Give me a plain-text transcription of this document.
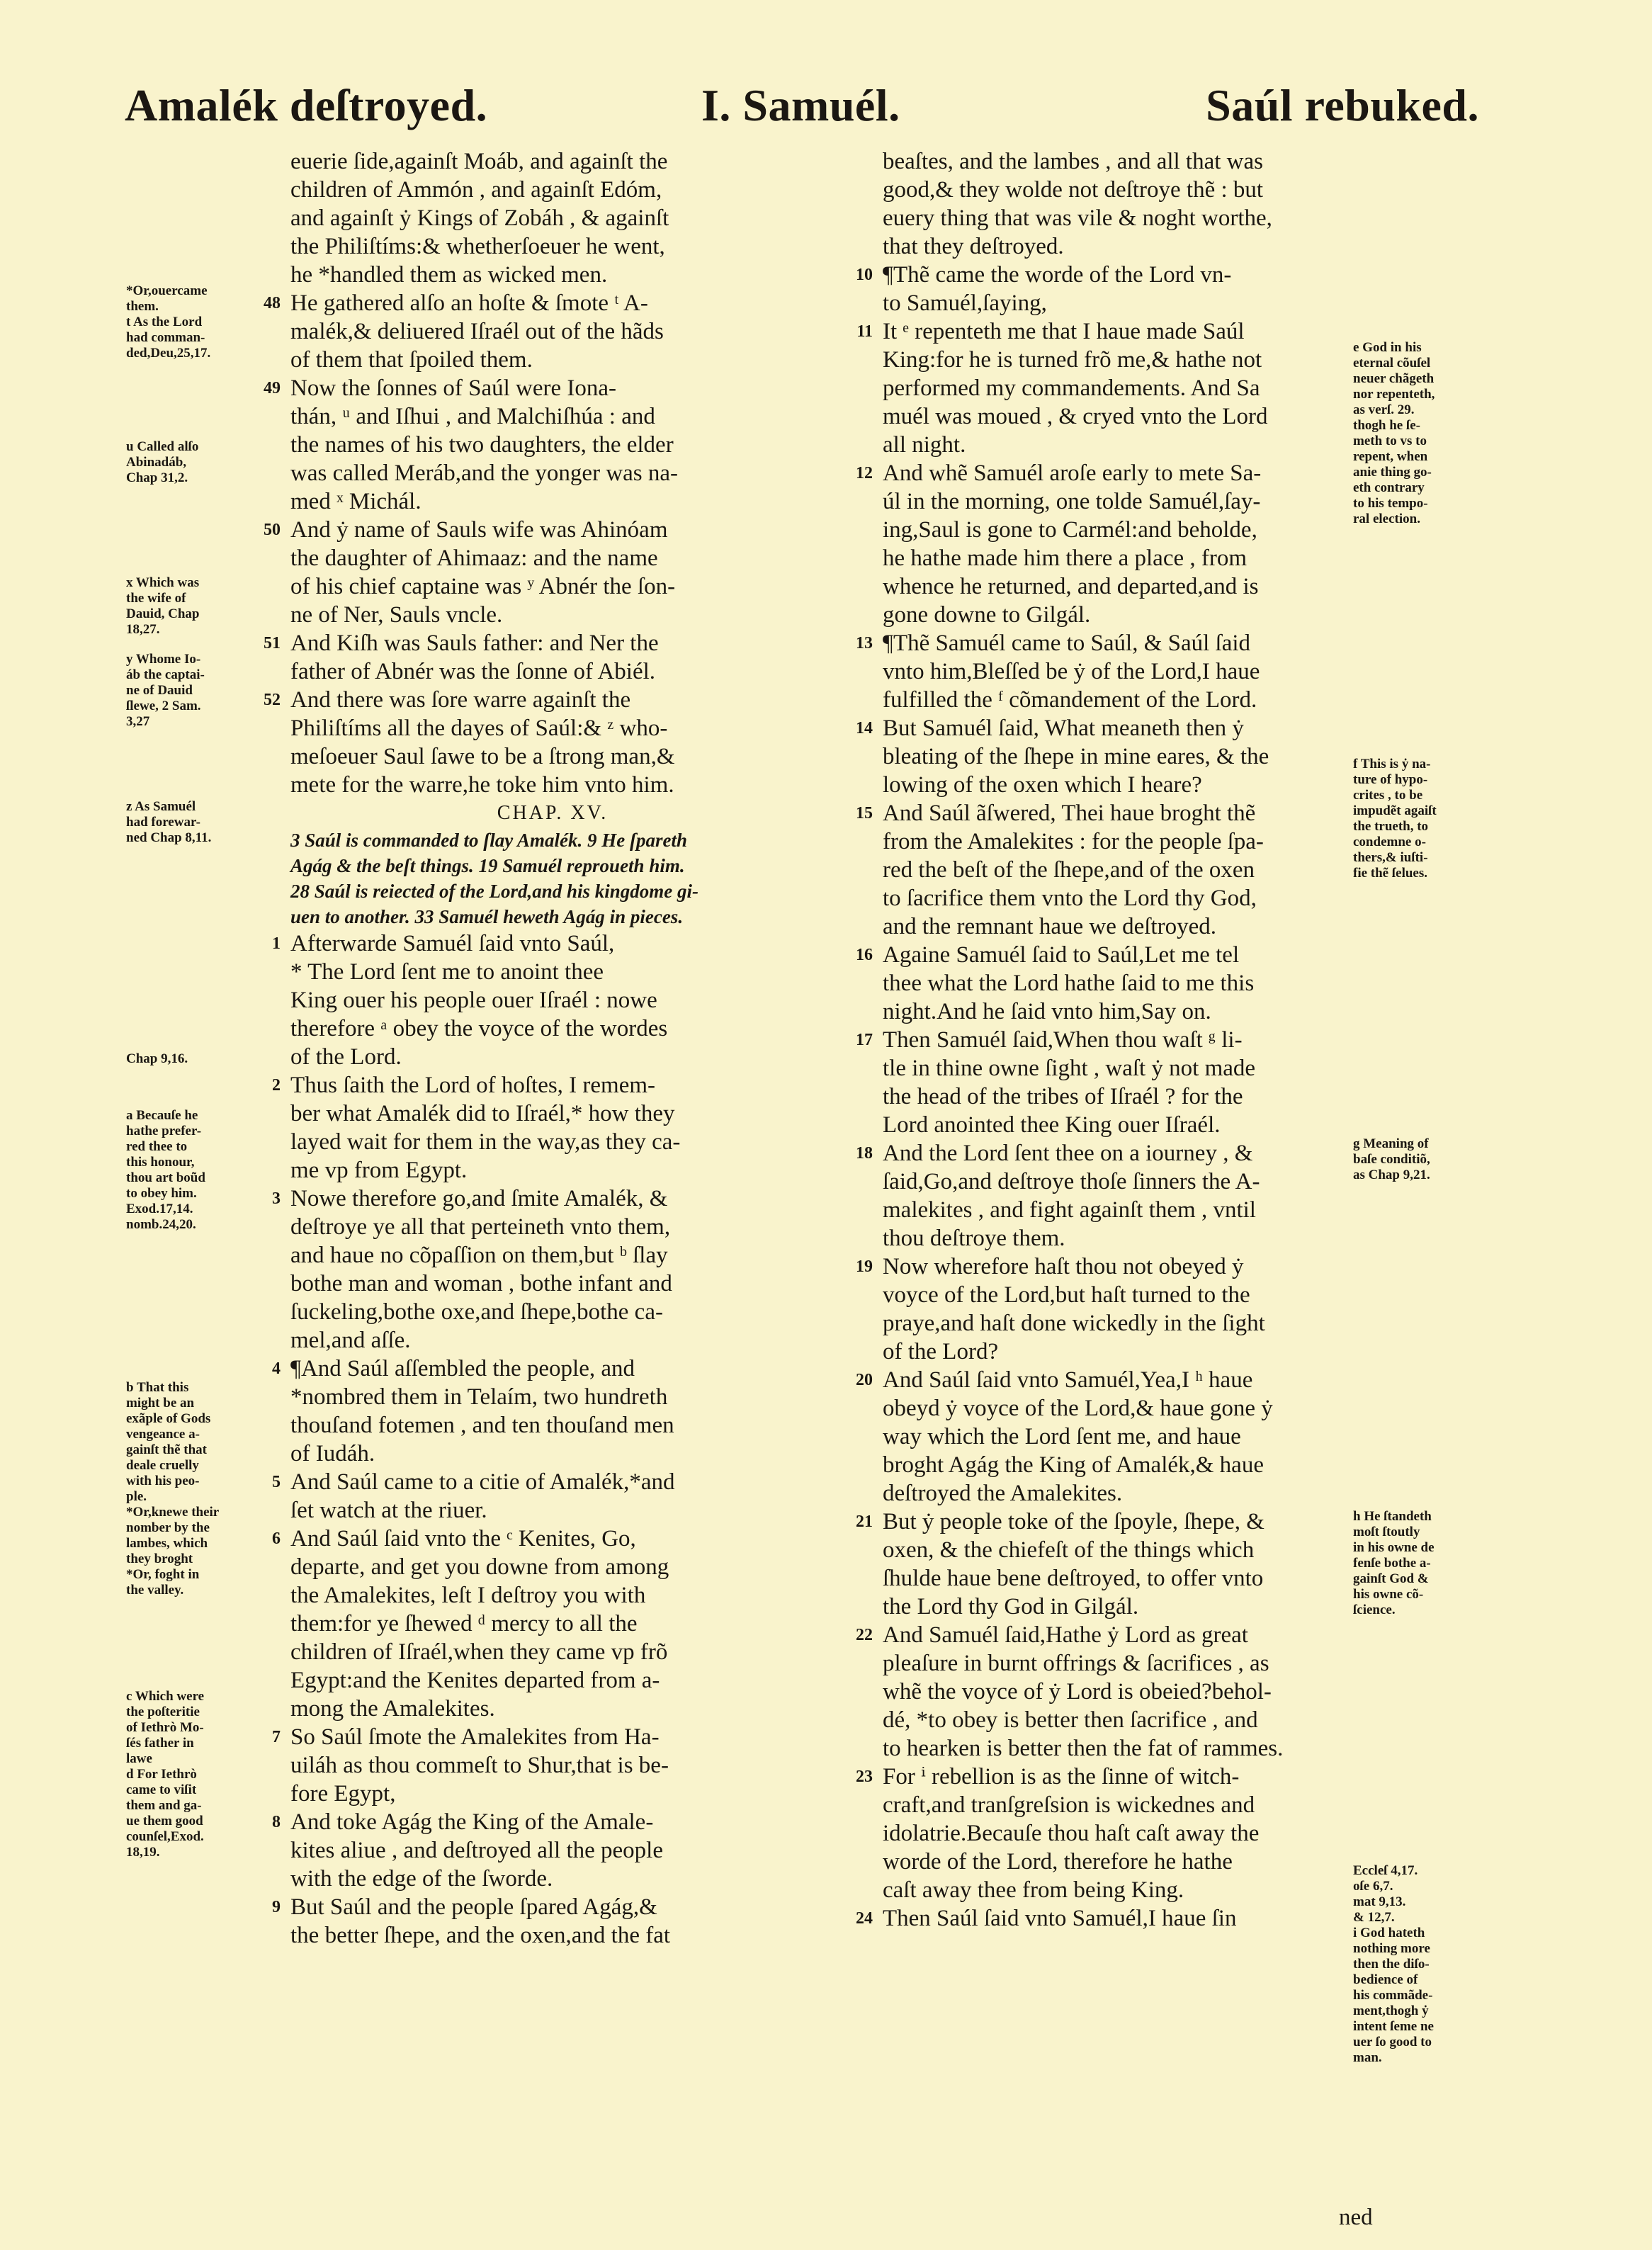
Amalék deſtroyed.	I. Samuél.	Saúl rebuked.
euerie ſide,againſt Moáb, and againſt the
children of Ammón , and againſt Edóm,
and againſt ẏ Kings of Zobáh , & againſt
the Philiſtíms:& whetherſoeuer he went,
he *handled them as wicked men.
48 He gathered alſo an hoſte & ſmote ᵗ A-
malék,& deliuered Iſraél out of the hãds
of them that ſpoiled them.
49 Now the ſonnes of Saúl were Iona-
thán, ᵘ and Iſhui , and Malchiſhúa : and
the names of his two daughters, the elder
was called Meráb,and the yonger was na-
med ˣ Michál.
50 And ẏ name of Sauls wife was Ahinóam
the daughter of Ahimaaz: and the name
of his chief captaine was ʸ Abnér the ſon-
ne of Ner, Sauls vncle.
51 And Kiſh was Sauls father: and Ner the
father of Abnér was the ſonne of Abiél.
52 And there was ſore warre againſt the
Philiſtíms all the dayes of Saúl:& ᶻ who-
meſoeuer Saul ſawe to be a ſtrong man,&
mete for the warre,he toke him vnto him.
CHAP. XV.
3 Saúl is commanded to ſlay Amalék. 9 He ſpareth
Agág & the beſt things. 19 Samuél reproueth him.
28 Saúl is reiected of the Lord,and his kingdome gi-
uen to another. 33 Samuél heweth Agág in pieces.
1 Afterwarde Samuél ſaid vnto Saúl,
* The Lord ſent me to anoint thee
King ouer his people ouer Iſraél : nowe
therefore ᵃ obey the voyce of the wordes
of the Lord.
2 Thus ſaith the Lord of hoſtes, I remem-
ber what Amalék did to Iſraél,* how they
layed wait for them in the way,as they ca-
me vp from Egypt.
3 Nowe therefore go,and ſmite Amalék, &
deſtroye ye all that perteineth vnto them,
and haue no cõpaſſion on them,but ᵇ ſlay
bothe man and woman , bothe infant and
ſuckeling,bothe oxe,and ſhepe,bothe ca-
mel,and aſſe.
4 ¶And Saúl aſſembled the people, and
*nombred them in Telaím, two hundreth
thouſand fotemen , and ten thouſand men
of Iudáh.
5 And Saúl came to a citie of Amalék,*and
ſet watch at the riuer.
6 And Saúl ſaid vnto the ᶜ Kenites, Go,
departe, and get you downe from among
the Amalekites, leſt I deſtroy you with
them:for ye ſhewed ᵈ mercy to all the
children of Iſraél,when they came vp frõ
Egypt:and the Kenites departed from a-
mong the Amalekites.
7 So Saúl ſmote the Amalekites from Ha-
uiláh as thou commeſt to Shur,that is be-
fore Egypt,
8 And toke Agág the King of the Amale-
kites aliue , and deſtroyed all the people
with the edge of the ſworde.
9 But Saúl and the people ſpared Agág,&
the better ſhepe, and the oxen,and the fat
beaſtes, and the lambes , and all that was
good,& they wolde not deſtroye thẽ : but
euery thing that was vile & noght worthe,
that they deſtroyed.
10 ¶Thẽ came the worde of the Lord vn-
to Samuél,ſaying,
11 It ᵉ repenteth me that I haue made Saúl
King:for he is turned frõ me,& hathe not
performed my commandements. And Sa
muél was moued , & cryed vnto the Lord
all night.
12 And whẽ Samuél aroſe early to mete Sa-
úl in the morning, one tolde Samuél,ſay-
ing,Saul is gone to Carmél:and beholde,
he hathe made him there a place , from
whence he returned, and departed,and is
gone downe to Gilgál.
13 ¶Thẽ Samuél came to Saúl, & Saúl ſaid
vnto him,Bleſſed be ẏ of the Lord,I haue
fulfilled the ᶠ cõmandement of the Lord.
14 But Samuél ſaid, What meaneth then ẏ
bleating of the ſhepe in mine eares, & the
lowing of the oxen which I heare?
15 And Saúl ãſwered, Thei haue broght thẽ
from the Amalekites : for the people ſpa-
red the beſt of the ſhepe,and of the oxen
to ſacrifice them vnto the Lord thy God,
and the remnant haue we deſtroyed.
16 Againe Samuél ſaid to Saúl,Let me tel
thee what the Lord hathe ſaid to me this
night.And he ſaid vnto him,Say on.
17 Then Samuél ſaid,When thou waſt ᵍ li-
tle in thine owne ſight , waſt ẏ not made
the head of the tribes of Iſraél ? for the
Lord anointed thee King ouer Iſraél.
18 And the Lord ſent thee on a iourney , &
ſaid,Go,and deſtroye thoſe ſinners the A-
malekites , and fight againſt them , vntil
thou deſtroye them.
19 Now wherefore haſt thou not obeyed ẏ
voyce of the Lord,but haſt turned to the
praye,and haſt done wickedly in the ſight
of the Lord?
20 And Saúl ſaid vnto Samuél,Yea,I ʰ haue
obeyd ẏ voyce of the Lord,& haue gone ẏ
way which the Lord ſent me, and haue
broght Agág the King of Amalék,& haue
deſtroyed the Amalekites.
21 But ẏ people toke of the ſpoyle, ſhepe, &
oxen, & the chiefeſt of the things which
ſhulde haue bene deſtroyed, to offer vnto
the Lord thy God in Gilgál.
22 And Samuél ſaid,Hathe ẏ Lord as great
pleaſure in burnt offrings & ſacrifices , as
whẽ the voyce of ẏ Lord is obeied?behol-
dé, *to obey is better then ſacrifice , and
to hearken is better then the fat of rammes.
23 For ⁱ rebellion is as the ſinne of witch-
craft,and tranſgreſsion is wickednes and
idolatrie.Becauſe thou haſt caſt away the
worde of the Lord, therefore he hathe
caſt away thee from being King.
24 Then Saúl ſaid vnto Samuél,I haue ſin
*Or,ouercame
them.
t As the Lord
had comman-
ded,Deu,25,17.
u Called alſo
Abinadáb,
Chap 31,2.
x Which was
the wife of
Dauid, Chap
18,27.
y Whome Io-
áb the captai-
ne of Dauid
ſlewe, 2 Sam.
3,27
z As Samuél
had forewar-
ned Chap 8,11.
Chap 9,16.
a Becauſe he
hathe prefer-
red thee to
this honour,
thou art boũd
to obey him.
Exod.17,14.
nomb.24,20.
b That this
might be an
exãple of Gods
vengeance a-
gainſt thẽ that
deale cruelly
with his peo-
ple.
*Or,knewe their
nomber by the
lambes, which
they broght
*Or, foght in
the valley.
c Which were
the poſteritie
of Iethrò Mo-
ſés father in
lawe
d For Iethrò
came to viſit
them and ga-
ue them good
counſel,Exod.
18,19.
e God in his
eternal cõuſel
neuer chãgeth
nor repenteth,
as verſ. 29.
thogh he ſe-
meth to vs to
repent, when
anie thing go-
eth contrary
to his tempo-
ral election.
f This is ẏ na-
ture of hypo-
crites , to be
impudẽt agaiſt
the trueth, to
condemne o-
thers,& iuſti-
fie thẽ ſelues.
g Meaning of
baſe conditiõ,
as Chap 9,21.
h He ſtandeth
moſt ſtoutly
in his owne de
fenſe bothe a-
gainſt God &
his owne cõ-
ſcience.
Eccleſ 4,17.
oſe 6,7.
mat 9,13.
& 12,7.
i God hateth
nothing more
then the diſo-
bedience of
his commãde-
ment,thogh ẏ
intent ſeme ne
uer ſo good to
man.
ned
